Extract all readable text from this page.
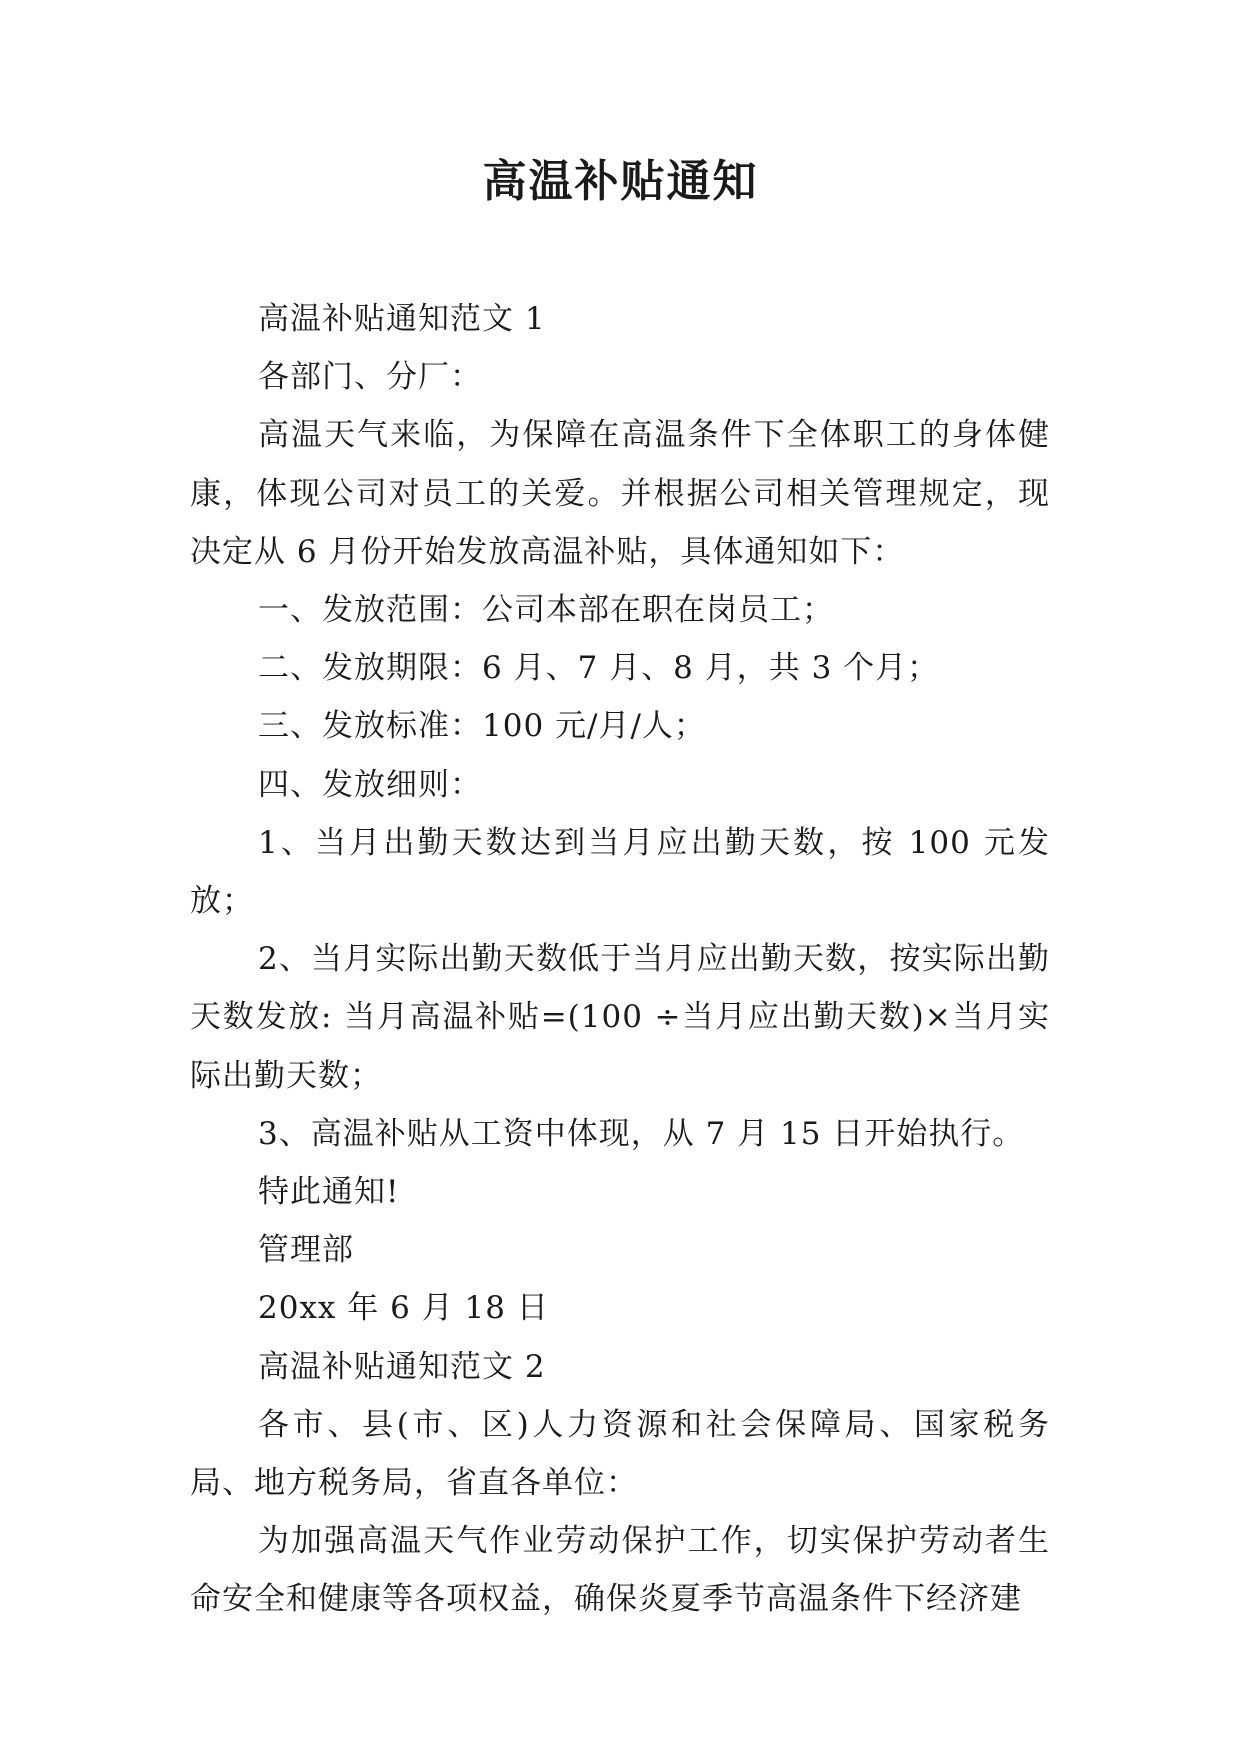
高温补贴通知

高温补贴通知范文 1

各部门、分厂：

高温天气来临，为保障在高温条件下全体职工的身体健康，体现公司对员工的关爱。并根据公司相关管理规定，现决定从 6 月份开始发放高温补贴，具体通知如下：

一、发放范围：公司本部在职在岗员工；

二、发放期限：6 月、7 月、8 月，共 3 个月；

三、发放标准：100 元/月/人；

四、发放细则：

1、当月出勤天数达到当月应出勤天数，按 100 元发放；

2、当月实际出勤天数低于当月应出勤天数，按实际出勤天数发放: 当月高温补贴=(100 ÷当月应出勤天数)×当月实际出勤天数；

3、高温补贴从工资中体现，从 7 月 15 日开始执行。

特此通知!

管理部

20xx 年 6 月 18 日

高温补贴通知范文 2

各市、县(市、区)人力资源和社会保障局、国家税务局、地方税务局，省直各单位：

为加强高温天气作业劳动保护工作，切实保护劳动者生命安全和健康等各项权益，确保炎夏季节高温条件下经济建
